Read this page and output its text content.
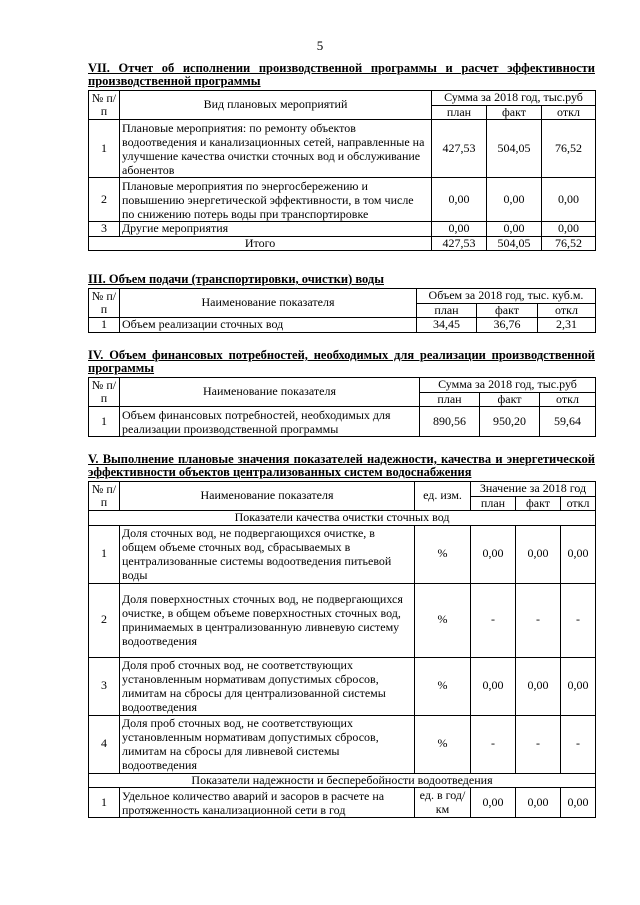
5
VII. Отчет об исполнении производственной программы и расчет эффективности производственной программы
№ п/п	Вид плановых мероприятий	Сумма за 2018 год, тыс.руб		
		план	факт	откл
1	Плановые мероприятия: по ремонту объектов водоотведения и канализационных сетей, направленные на улучшение качества очистки сточных вод и обслуживание абонентов	427,53	504,05	76,52
2	Плановые мероприятия по энергосбережению и повышению энергетической эффективности, в том числе по снижению потерь воды при транспортировке	0,00	0,00	0,00
3	Другие мероприятия	0,00	0,00	0,00
Итого		427,53	504,05	76,52
III. Объем подачи (транспортировки, очистки) воды
№ п/п	Наименование показателя	Объем за 2018 год, тыс. куб.м.		
		план	факт	откл
1	Объем реализации сточных вод	34,45	36,76	2,31
IV. Объем финансовых потребностей, необходимых для реализации производственной программы
№ п/п	Наименование показателя	Сумма за 2018 год, тыс.руб		
		план	факт	откл
1	Объем финансовых потребностей, необходимых для реализации производственной программы	890,56	950,20	59,64
V. Выполнение плановые значения показателей надежности, качества и энергетической эффективности объектов централизованных систем водоснабжения
№ п/п	Наименование показателя	ед. изм.	Значение за 2018 год		
			план	факт	откл
Показатели качества очистки сточных вод					
1	Доля сточных вод, не подвергающихся очистке, в общем объеме сточных вод, сбрасываемых в централизованные системы водоотведения питьевой воды	%	0,00	0,00	0,00
2	Доля поверхностных сточных вод, не подвергающихся очистке, в общем объеме поверхностных сточных вод, принимаемых в централизованную ливневую систему водоотведения	%	-	-	-
3	Доля проб сточных вод, не соответствующих установленным нормативам допустимых сбросов, лимитам на сбросы для централизованной системы водоотведения	%	0,00	0,00	0,00
4	Доля проб сточных вод, не соответствующих установленным нормативам допустимых сбросов, лимитам на сбросы для ливневой системы водоотведения	%	-	-	-
Показатели надежности и бесперебойности водоотведения					
1	Удельное количество аварий и засоров в расчете на протяженность канализационной сети в год	ед. в год/ км	0,00	0,00	0,00
